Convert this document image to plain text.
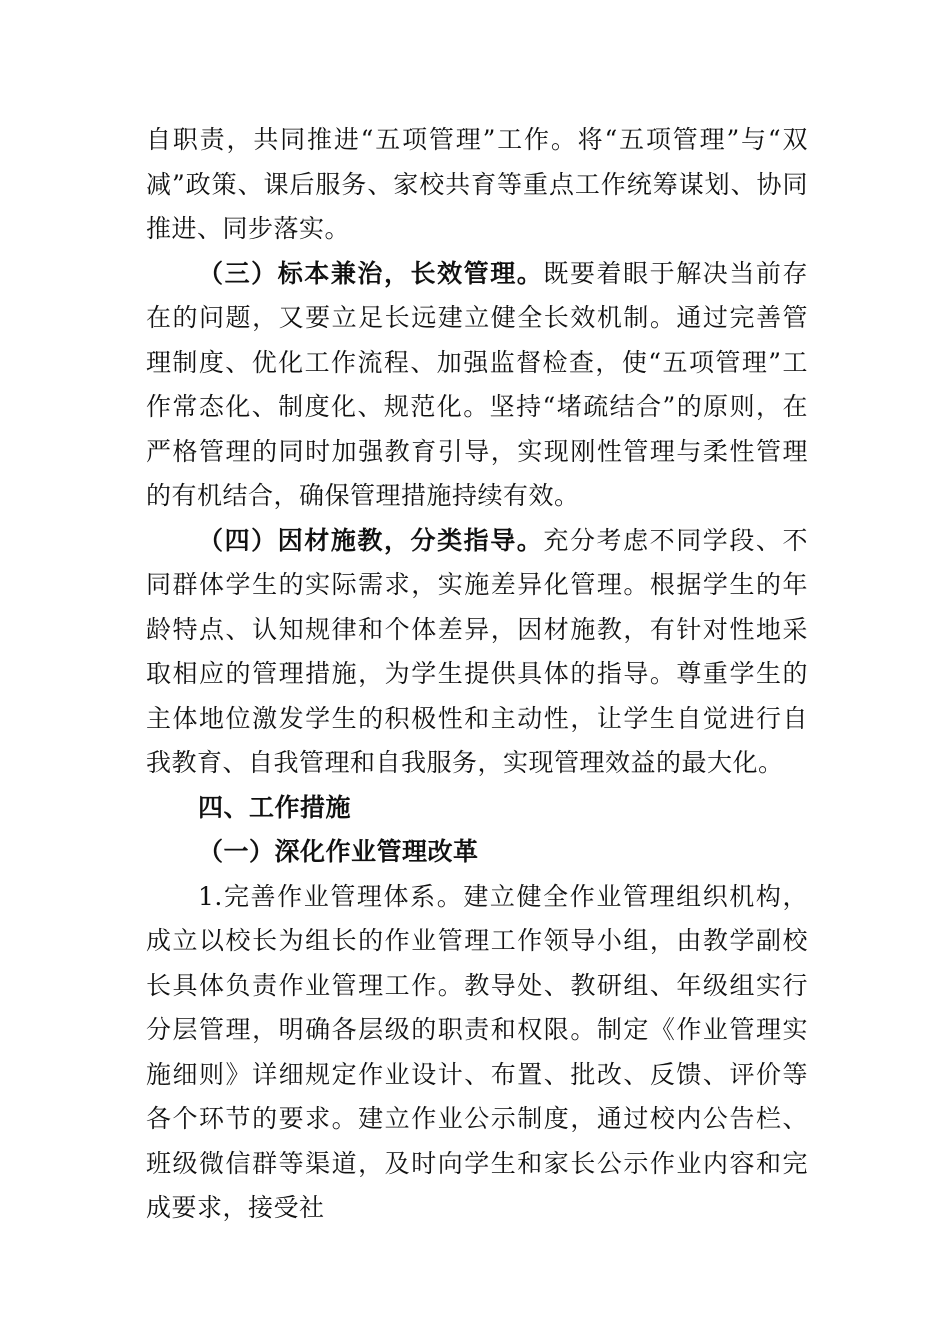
自职责，共同推进“五项管理”工作。将“五项管理”与“双减”政策、课后服务、家校共育等重点工作统筹谋划、协同推进、同步落实。

（三）标本兼治，长效管理。既要着眼于解决当前存在的问题，又要立足长远建立健全长效机制。通过完善管理制度、优化工作流程、加强监督检查，使“五项管理”工作常态化、制度化、规范化。坚持“堵疏结合”的原则，在严格管理的同时加强教育引导，实现刚性管理与柔性管理的有机结合，确保管理措施持续有效。

（四）因材施教，分类指导。充分考虑不同学段、不同群体学生的实际需求，实施差异化管理。根据学生的年龄特点、认知规律和个体差异，因材施教，有针对性地采取相应的管理措施，为学生提供具体的指导。尊重学生的主体地位激发学生的积极性和主动性，让学生自觉进行自我教育、自我管理和自我服务，实现管理效益的最大化。

四、工作措施
（一）深化作业管理改革

1.完善作业管理体系。建立健全作业管理组织机构，成立以校长为组长的作业管理工作领导小组，由教学副校长具体负责作业管理工作。教导处、教研组、年级组实行分层管理，明确各层级的职责和权限。制定《作业管理实施细则》详细规定作业设计、布置、批改、反馈、评价等各个环节的要求。建立作业公示制度，通过校内公告栏、班级微信群等渠道，及时向学生和家长公示作业内容和完成要求，接受社
